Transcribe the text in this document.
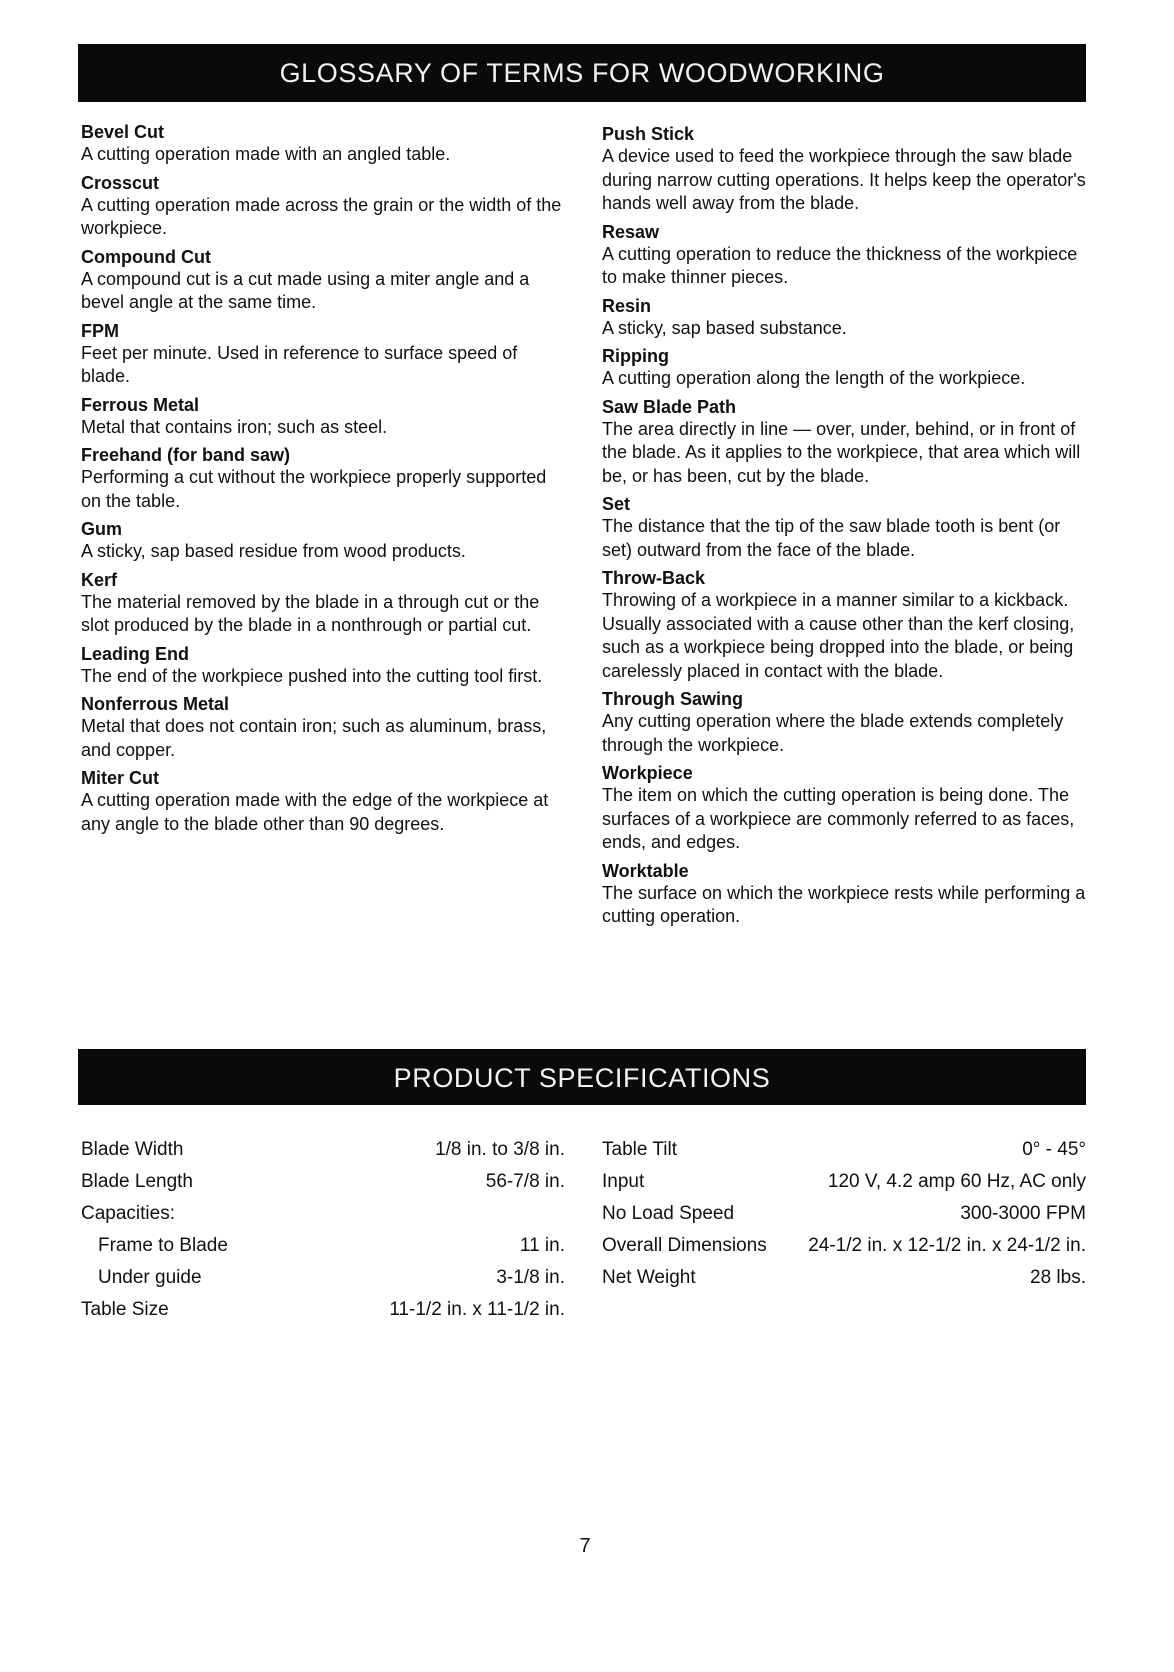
GLOSSARY OF TERMS FOR WOODWORKING

Bevel Cut

A cutting operation made with an angled table.

Crosscut

A cutting operation made across the grain or the width of the workpiece.

Compound Cut

A compound cut is a cut made using a miter angle and a bevel angle at the same time.

FPM

Feet per minute. Used in reference to surface speed of blade.

Ferrous Metal

Metal that contains iron; such as steel.

Freehand (for band saw)

Performing a cut without the workpiece properly supported on the table.

Gum

A sticky, sap based residue from wood products.

Kerf

The material removed by the blade in a through cut or the slot produced by the blade in a nonthrough or partial cut.

Leading End

The end of the workpiece pushed into the cutting tool first.

Nonferrous Metal

Metal that does not contain iron; such as aluminum, brass, and copper.

Miter Cut

A cutting operation made with the edge of the workpiece at any angle to the blade other than 90 degrees.

Push Stick

A device used to feed the workpiece through the saw blade during narrow cutting operations. It helps keep the operator's hands well away from the blade.

Resaw

A cutting operation to reduce the thickness of the workpiece to make thinner pieces.

Resin

A sticky, sap based substance.

Ripping

A cutting operation along the length of the workpiece.

Saw Blade Path

The area directly in line — over, under, behind, or in front of the blade. As it applies to the workpiece, that area which will be, or has been, cut by the blade.

Set

The distance that the tip of the saw blade tooth is bent (or set) outward from the face of the blade.

Throw-Back

Throwing of a workpiece in a manner similar to a kickback. Usually associated with a cause other than the kerf closing, such as a workpiece being dropped into the blade, or being carelessly placed in contact with the blade.

Through Sawing

Any cutting operation where the blade extends completely through the workpiece.

Workpiece

The item on which the cutting operation is being done. The surfaces of a workpiece are commonly referred to as faces, ends, and edges.

Worktable

The surface on which the workpiece rests while performing a cutting operation.

PRODUCT SPECIFICATIONS
Blade Width	1/8 in. to 3/8 in.
Blade Length	56-7/8 in.
Capacities:
Frame to Blade	11 in.
Under guide	3-1/8 in.
Table Size	11-1/2 in. x 11-1/2 in.
Table Tilt	0° - 45°
Input	120 V, 4.2 amp 60 Hz, AC only
No Load Speed	300-3000 FPM
Overall Dimensions 24-1/2 in. x 12-1/2 in. x 24-1/2 in.
Net Weight	28 lbs.
7
